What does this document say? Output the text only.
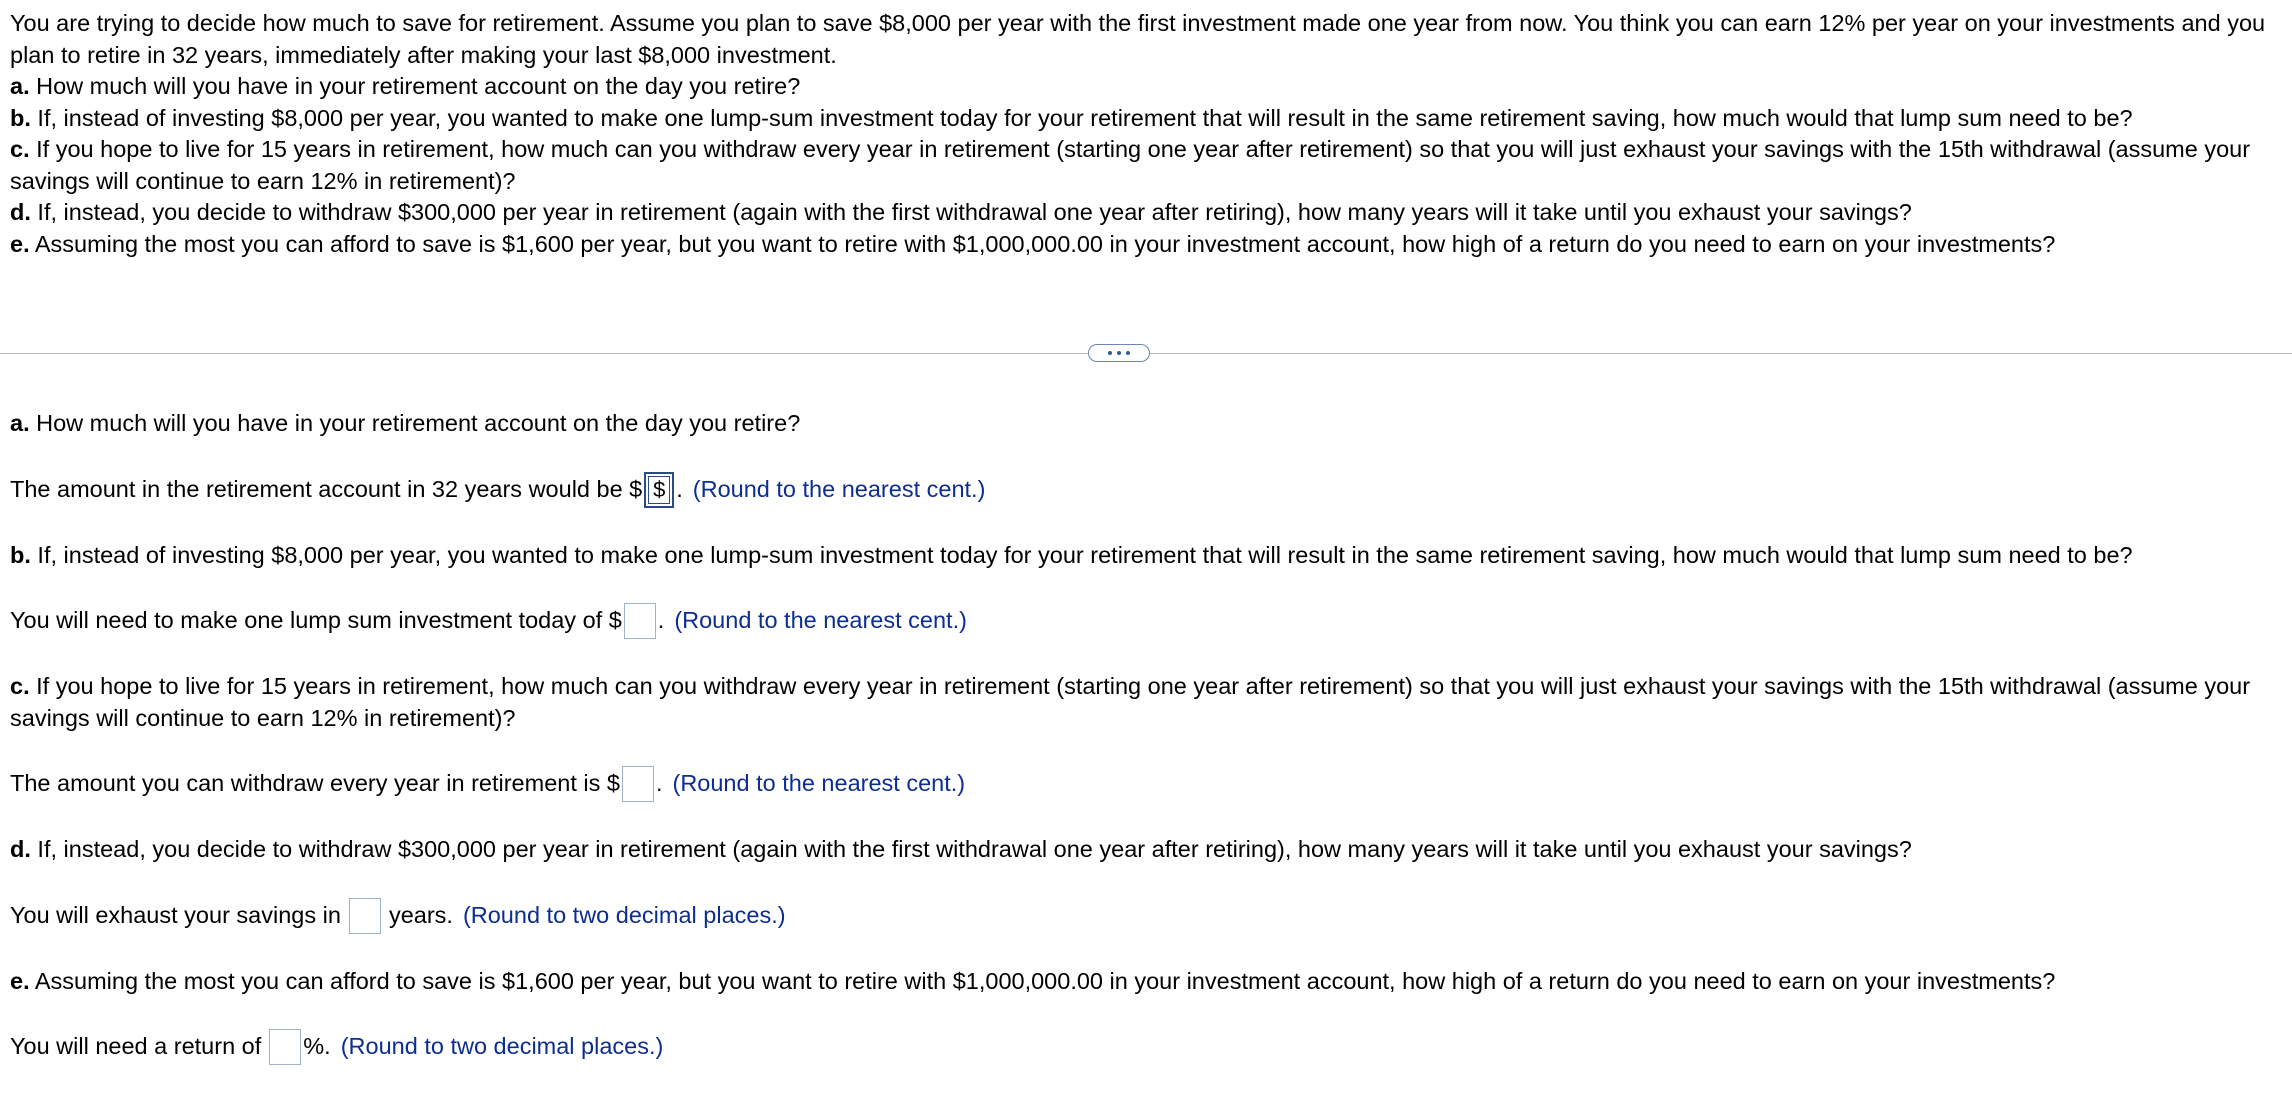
You are trying to decide how much to save for retirement. Assume you plan to save $8,000 per year with the first investment made one year from now. You think you can earn 12% per year on your investments and you plan to retire in 32 years, immediately after making your last $8,000 investment.

a. How much will you have in your retirement account on the day you retire?

b. If, instead of investing $8,000 per year, you wanted to make one lump-sum investment today for your retirement that will result in the same retirement saving, how much would that lump sum need to be?

c. If you hope to live for 15 years in retirement, how much can you withdraw every year in retirement (starting one year after retirement) so that you will just exhaust your savings with the 15th withdrawal (assume your savings will continue to earn 12% in retirement)?

d. If, instead, you decide to withdraw $300,000 per year in retirement (again with the first withdrawal one year after retiring), how many years will it take until you exhaust your savings?

e. Assuming the most you can afford to save is $1,600 per year, but you want to retire with $1,000,000.00 in your investment account, how high of a return do you need to earn on your investments?

a. How much will you have in your retirement account on the day you retire?

The amount in the retirement account in 32 years would be $ $ . (Round to the nearest cent.)

b. If, instead of investing $8,000 per year, you wanted to make one lump-sum investment today for your retirement that will result in the same retirement saving, how much would that lump sum need to be?

You will need to make one lump sum investment today of $ . (Round to the nearest cent.)

c. If you hope to live for 15 years in retirement, how much can you withdraw every year in retirement (starting one year after retirement) so that you will just exhaust your savings with the 15th withdrawal (assume your savings will continue to earn 12% in retirement)?

The amount you can withdraw every year in retirement is $ . (Round to the nearest cent.)

d. If, instead, you decide to withdraw $300,000 per year in retirement (again with the first withdrawal one year after retiring), how many years will it take until you exhaust your savings?

You will exhaust your savings in years. (Round to two decimal places.)

e. Assuming the most you can afford to save is $1,600 per year, but you want to retire with $1,000,000.00 in your investment account, how high of a return do you need to earn on your investments?

You will need a return of %. (Round to two decimal places.)
